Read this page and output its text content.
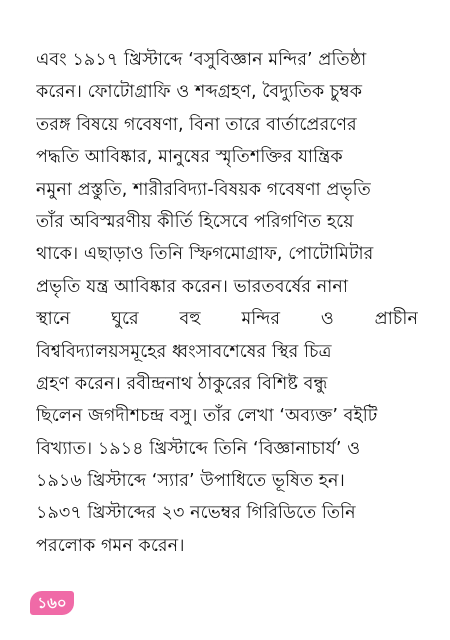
এবং ১৯১৭ খ্রিস্টাব্দে ‘বসুবিজ্ঞান মন্দির’ প্রতিষ্ঠা
করেন। ফোটোগ্রাফি ও শব্দগ্রহণ, বৈদ্যুতিক চুম্বক
তরঙ্গ বিষয়ে গবেষণা, বিনা তারে বার্তাপ্রেরণের
পদ্ধতি আবিষ্কার, মানুষের স্মৃতিশক্তির যান্ত্রিক
নমুনা প্রস্তুতি, শারীরবিদ্যা-বিষয়ক গবেষণা প্রভৃতি
তাঁর অবিস্মরণীয় কীর্তি হিসেবে পরিগণিত হয়ে
থাকে। এছাড়াও তিনি স্ফিগমোগ্রাফ, পোটোমিটার
প্রভৃতি যন্ত্র আবিষ্কার করেন। ভারতবর্ষের নানা
স্থানে ঘুরে বহু মন্দির ও প্রাচীন
বিশ্ববিদ্যালয়সমূহের ধ্বংসাবশেষের স্থির চিত্র
গ্রহণ করেন। রবীন্দ্রনাথ ঠাকুরের বিশিষ্ট বন্ধু
ছিলেন জগদীশচন্দ্র বসু। তাঁর লেখা ‘অব্যক্ত’ বইটি
বিখ্যাত। ১৯১৪ খ্রিস্টাব্দে তিনি ‘বিজ্ঞানাচার্য’ ও
১৯১৬ খ্রিস্টাব্দে ‘স্যার’ উপাধিতে ভূষিত হন।
১৯৩৭ খ্রিস্টাব্দের ২৩ নভেম্বর গিরিডিতে তিনি
পরলোক গমন করেন।
১৬০
